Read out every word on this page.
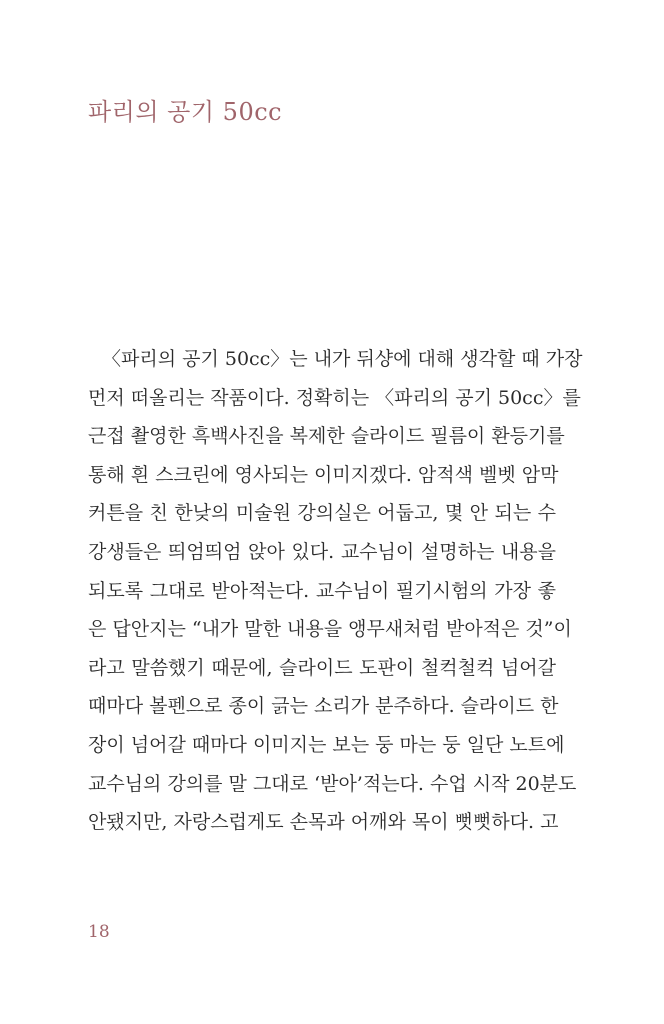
파리의 공기 50cc
〈파리의 공기 50cc〉는 내가 뒤샹에 대해 생각할 때 가장
먼저 떠올리는 작품이다. 정확히는 〈파리의 공기 50cc〉를
근접 촬영한 흑백사진을 복제한 슬라이드 필름이 환등기를
통해 흰 스크린에 영사되는 이미지겠다. 암적색 벨벳 암막
커튼을 친 한낮의 미술원 강의실은 어둡고, 몇 안 되는 수
강생들은 띄엄띄엄 앉아 있다. 교수님이 설명하는 내용을
되도록 그대로 받아적는다. 교수님이 필기시험의 가장 좋
은 답안지는 “내가 말한 내용을 앵무새처럼 받아적은 것”이
라고 말씀했기 때문에, 슬라이드 도판이 철컥철컥 넘어갈
때마다 볼펜으로 종이 긁는 소리가 분주하다. 슬라이드 한
장이 넘어갈 때마다 이미지는 보는 둥 마는 둥 일단 노트에
교수님의 강의를 말 그대로 ‘받아’적는다. 수업 시작 20분도
안됐지만, 자랑스럽게도 손목과 어깨와 목이 뻣뻣하다. 고
18
